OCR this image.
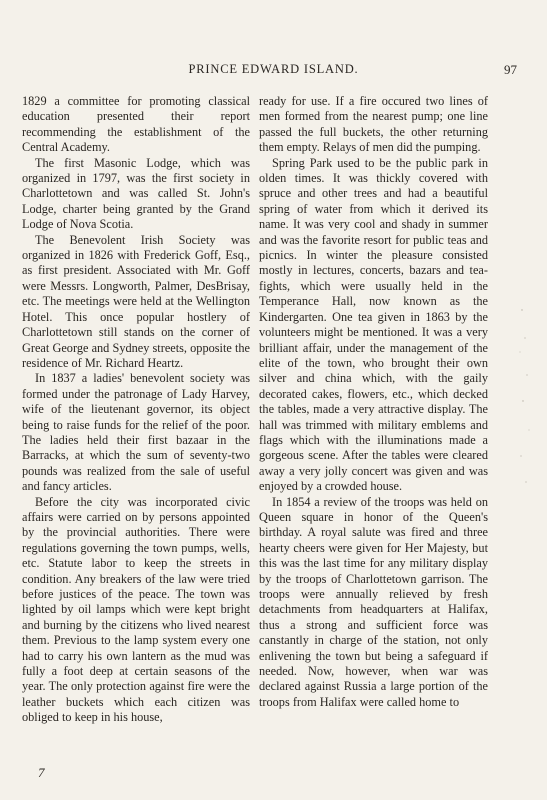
PRINCE EDWARD ISLAND.	97

1829 a committee for promoting classical education presented their report recommending the establishment of the Central Academy.

The first Masonic Lodge, which was organized in 1797, was the first society in Charlottetown and was called St. John's Lodge, charter being granted by the Grand Lodge of Nova Scotia.

The Benevolent Irish Society was organized in 1826 with Frederick Goff, Esq., as first president. Associated with Mr. Goff were Messrs. Longworth, Palmer, DesBrisay, etc. The meetings were held at the Wellington Hotel. This once popular hostlery of Charlottetown still stands on the corner of Great George and Sydney streets, opposite the residence of Mr. Richard Heartz.

In 1837 a ladies' benevolent society was formed under the patronage of Lady Harvey, wife of the lieutenant governor, its object being to raise funds for the relief of the poor. The ladies held their first bazaar in the Barracks, at which the sum of seventy-two pounds was realized from the sale of useful and fancy articles.

Before the city was incorporated civic affairs were carried on by persons appointed by the provincial authorities. There were regulations governing the town pumps, wells, etc. Statute labor to keep the streets in condition. Any breakers of the law were tried before justices of the peace. The town was lighted by oil lamps which were kept bright and burning by the citizens who lived nearest them. Previous to the lamp system every one had to carry his own lantern as the mud was fully a foot deep at certain seasons of the year. The only protection against fire were the leather buckets which each citizen was obliged to keep in his house,

ready for use. If a fire occured two lines of men formed from the nearest pump; one line passed the full buckets, the other returning them empty. Relays of men did the pumping.

Spring Park used to be the public park in olden times. It was thickly covered with spruce and other trees and had a beautiful spring of water from which it derived its name. It was very cool and shady in summer and was the favorite resort for public teas and picnics. In winter the pleasure consisted mostly in lectures, concerts, bazars and tea-fights, which were usually held in the Temperance Hall, now known as the Kindergarten. One tea given in 1863 by the volunteers might be mentioned. It was a very brilliant affair, under the management of the elite of the town, who brought their own silver and china which, with the gaily decorated cakes, flowers, etc., which decked the tables, made a very attractive display. The hall was trimmed with military emblems and flags which with the illuminations made a gorgeous scene. After the tables were cleared away a very jolly concert was given and was enjoyed by a crowded house.

In 1854 a review of the troops was held on Queen square in honor of the Queen's birthday. A royal salute was fired and three hearty cheers were given for Her Majesty, but this was the last time for any military display by the troops of Charlottetown garrison. The troops were annually relieved by fresh detachments from headquarters at Halifax, thus a strong and sufficient force was canstantly in charge of the station, not only enlivening the town but being a safeguard if needed. Now, however, when war was declared against Russia a large portion of the troops from Halifax were called home to

7
